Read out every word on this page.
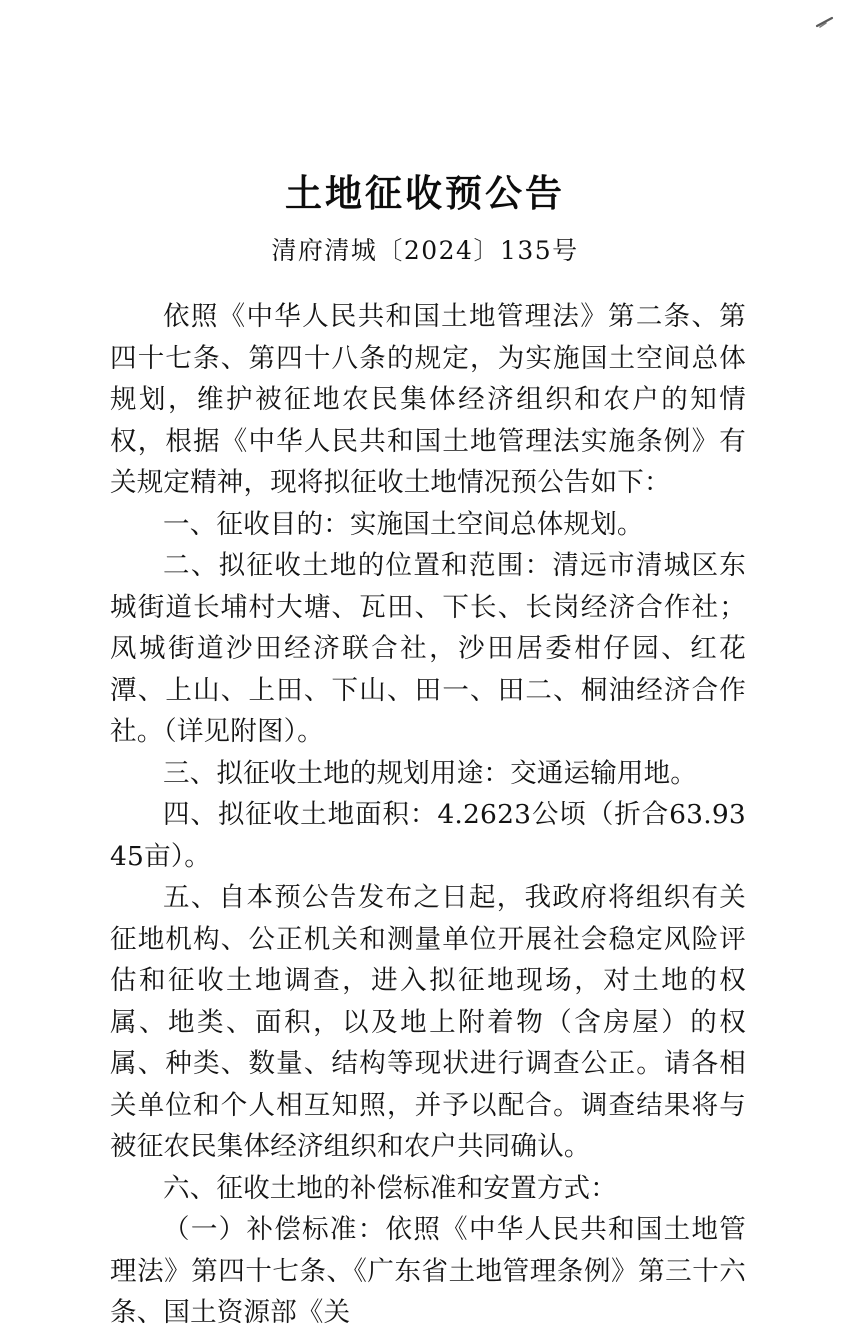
土地征收预公告
清府清城〔2024〕135号

依照《中华人民共和国土地管理法》第二条、第四十七条、第四十八条的规定，为实施国土空间总体规划，维护被征地农民集体经济组织和农户的知情权，根据《中华人民共和国土地管理法实施条例》有关规定精神，现将拟征收土地情况预公告如下：

一、征收目的：实施国土空间总体规划。

二、拟征收土地的位置和范围：清远市清城区东城街道长埔村大塘、瓦田、下长、长岗经济合作社；凤城街道沙田经济联合社，沙田居委柑仔园、红花潭、上山、上田、下山、田一、田二、桐油经济合作社。（详见附图）。

三、拟征收土地的规划用途：交通运输用地。

四、拟征收土地面积：4.2623公顷（折合63.9345亩）。

五、自本预公告发布之日起，我政府将组织有关征地机构、公正机关和测量单位开展社会稳定风险评估和征收土地调查，进入拟征地现场，对土地的权属、地类、面积，以及地上附着物（含房屋）的权属、种类、数量、结构等现状进行调查公正。请各相关单位和个人相互知照，并予以配合。调查结果将与被征农民集体经济组织和农户共同确认。

六、征收土地的补偿标准和安置方式：

（一）补偿标准：依照《中华人民共和国土地管理法》第四十七条、《广东省土地管理条例》第三十六条、国土资源部《关
